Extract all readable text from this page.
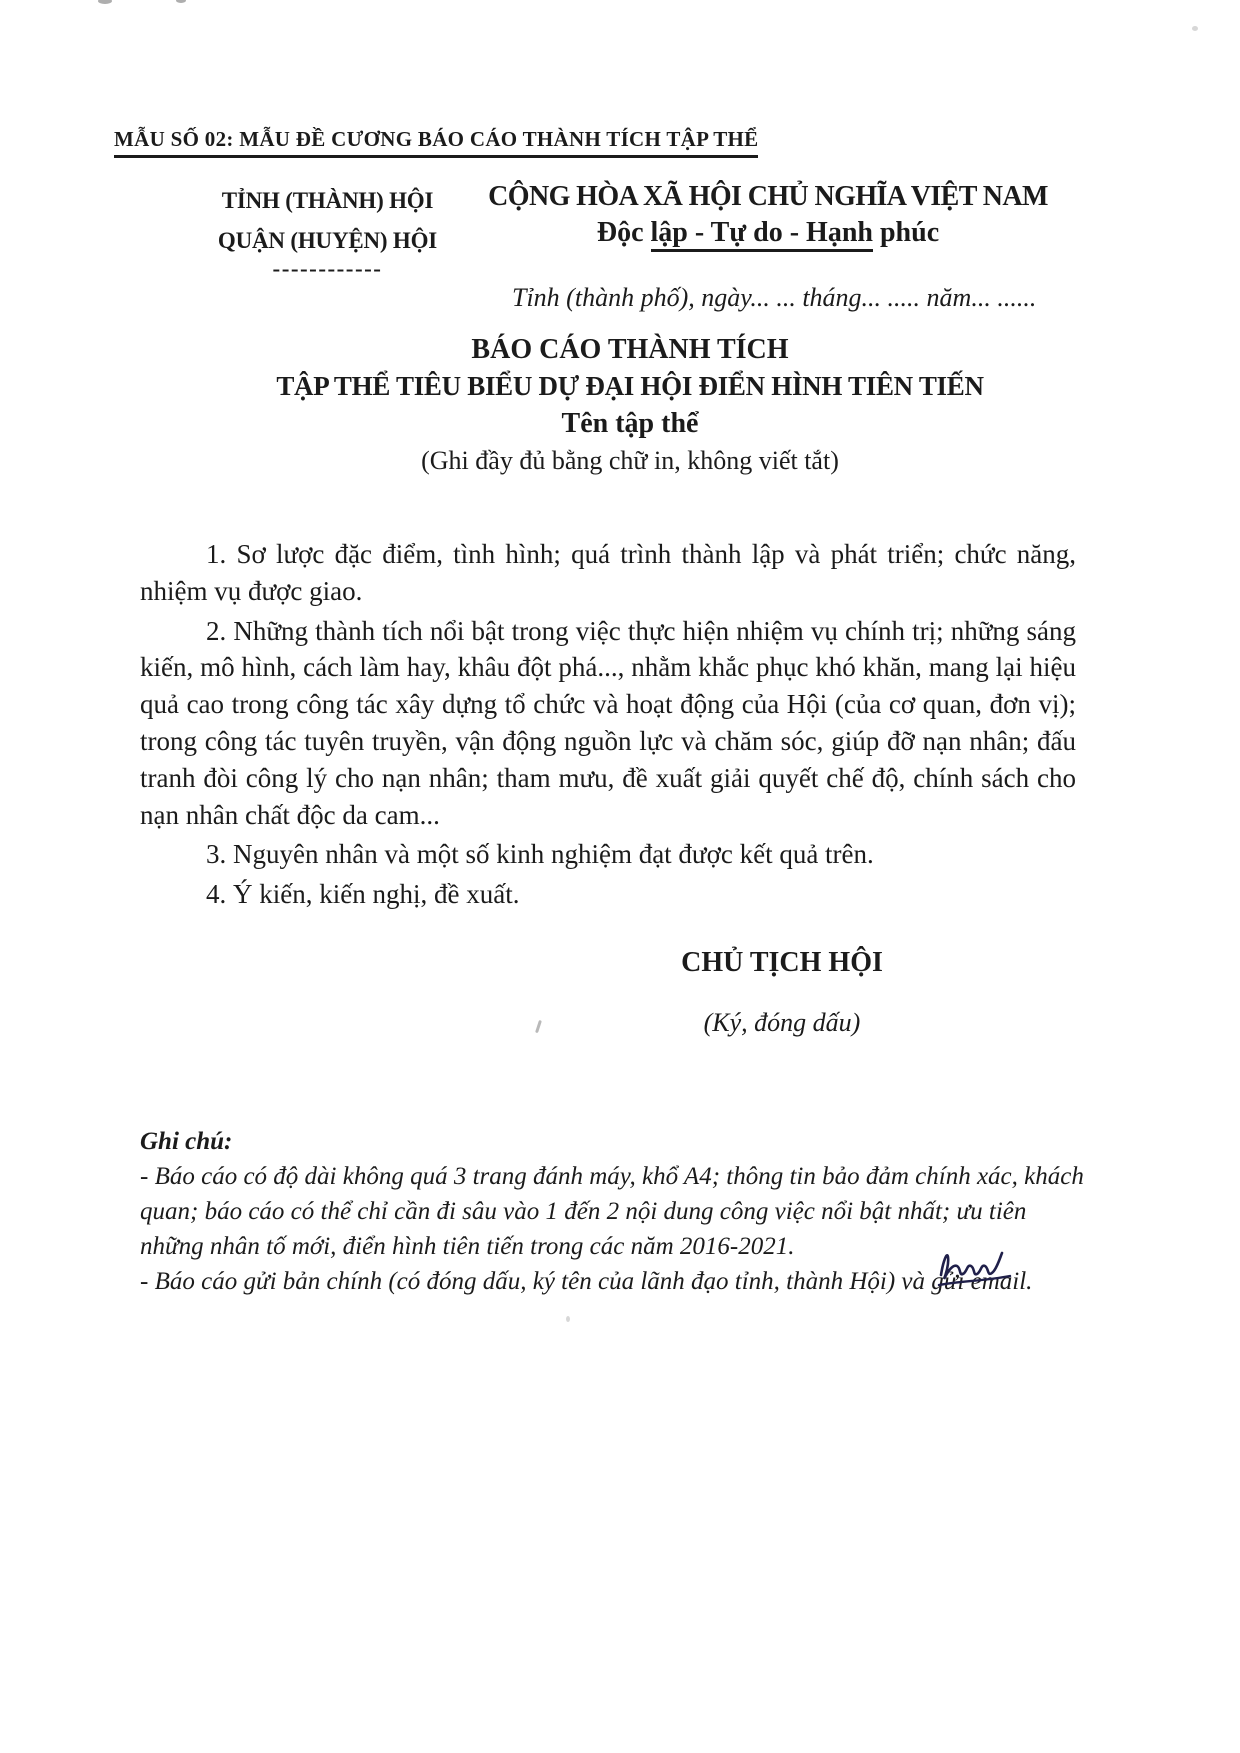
MẪU SỐ 02: MẪU ĐỀ CƯƠNG BÁO CÁO THÀNH TÍCH TẬP THỂ
TỈNH (THÀNH) HỘI
QUẬN (HUYỆN) HỘI
------------
CỘNG HÒA XÃ HỘI CHỦ NGHĨA VIỆT NAM
Độc lập - Tự do - Hạnh phúc
Tỉnh (thành phố), ngày... ... tháng... ..... năm... ......
BÁO CÁO THÀNH TÍCH
TẬP THỂ TIÊU BIỂU DỰ ĐẠI HỘI ĐIỂN HÌNH TIÊN TIẾN
Tên tập thể
(Ghi đầy đủ bằng chữ in, không viết tắt)

1. Sơ lược đặc điểm, tình hình; quá trình thành lập và phát triển; chức năng, nhiệm vụ được giao.

2. Những thành tích nổi bật trong việc thực hiện nhiệm vụ chính trị; những sáng kiến, mô hình, cách làm hay, khâu đột phá..., nhằm khắc phục khó khăn, mang lại hiệu quả cao trong công tác xây dựng tổ chức và hoạt động của Hội (của cơ quan, đơn vị); trong công tác tuyên truyền, vận động nguồn lực và chăm sóc, giúp đỡ nạn nhân; đấu tranh đòi công lý cho nạn nhân; tham mưu, đề xuất giải quyết chế độ, chính sách cho nạn nhân chất độc da cam...

3. Nguyên nhân và một số kinh nghiệm đạt được kết quả trên.

4. Ý kiến, kiến nghị, đề xuất.

CHỦ TỊCH HỘI
(Ký, đóng dấu)

Ghi chú:

- Báo cáo có độ dài không quá 3 trang đánh máy, khổ A4; thông tin bảo đảm chính xác, khách quan; báo cáo có thể chỉ cần đi sâu vào 1 đến 2 nội dung công việc nổi bật nhất; ưu tiên những nhân tố mới, điển hình tiên tiến trong các năm 2016-2021.

- Báo cáo gửi bản chính (có đóng dấu, ký tên của lãnh đạo tỉnh, thành Hội) và gửi email.
